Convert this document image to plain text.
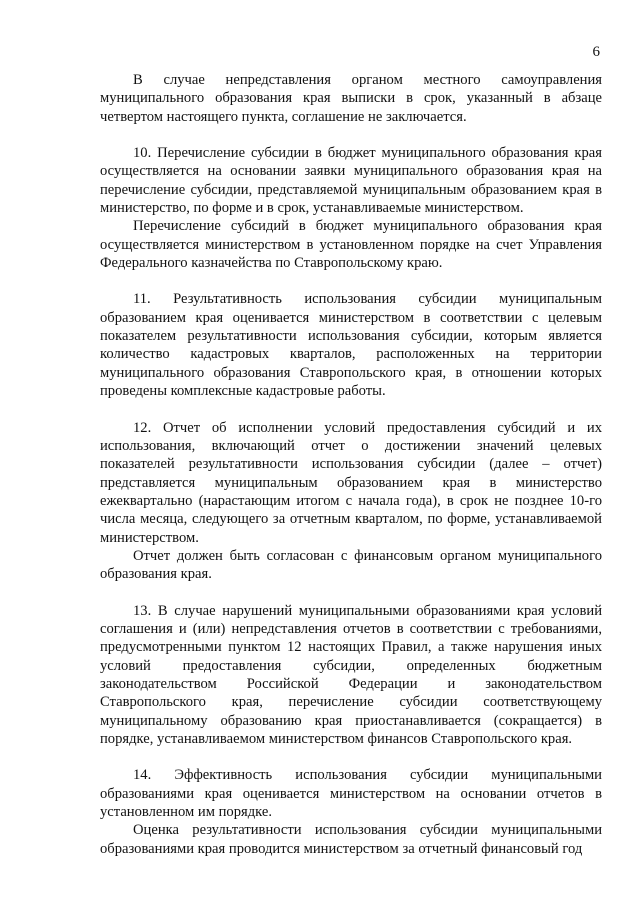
6

В случае непредставления органом местного самоуправления муниципального образования края выписки в срок, указанный в абзаце четвертом настоящего пункта, соглашение не заключается.

10. Перечисление субсидии в бюджет муниципального образования края осуществляется на основании заявки муниципального образования края на перечисление субсидии, представляемой муниципальным образованием края в министерство, по форме и в срок, устанавливаемые министерством.

Перечисление субсидий в бюджет муниципального образования края осуществляется министерством в установленном порядке на счет Управления Федерального казначейства по Ставропольскому краю.

11. Результативность использования субсидии муниципальным образованием края оценивается министерством в соответствии с целевым показателем результативности использования субсидии, которым является количество кадастровых кварталов, расположенных на территории муниципального образования Ставропольского края, в отношении которых проведены комплексные кадастровые работы.

12. Отчет об исполнении условий предоставления субсидий и их использования, включающий отчет о достижении значений целевых показателей результативности использования субсидии (далее – отчет) представляется муниципальным образованием края в министерство ежеквартально (нарастающим итогом с начала года), в срок не позднее 10-го числа месяца, следующего за отчетным кварталом, по форме, устанавливаемой министерством.

Отчет должен быть согласован с финансовым органом муниципального образования края.

13. В случае нарушений муниципальными образованиями края условий соглашения и (или) непредставления отчетов в соответствии с требованиями, предусмотренными пунктом 12 настоящих Правил, а также нарушения иных условий предоставления субсидии, определенных бюджетным законодательством Российской Федерации и законодательством Ставропольского края, перечисление субсидии соответствующему муниципальному образованию края приостанавливается (сокращается) в порядке, устанавливаемом министерством финансов Ставропольского края.

14. Эффективность использования субсидии муниципальными образованиями края оценивается министерством на основании отчетов в установленном им порядке.

Оценка результативности использования субсидии муниципальными образованиями края проводится министерством за отчетный финансовый год
